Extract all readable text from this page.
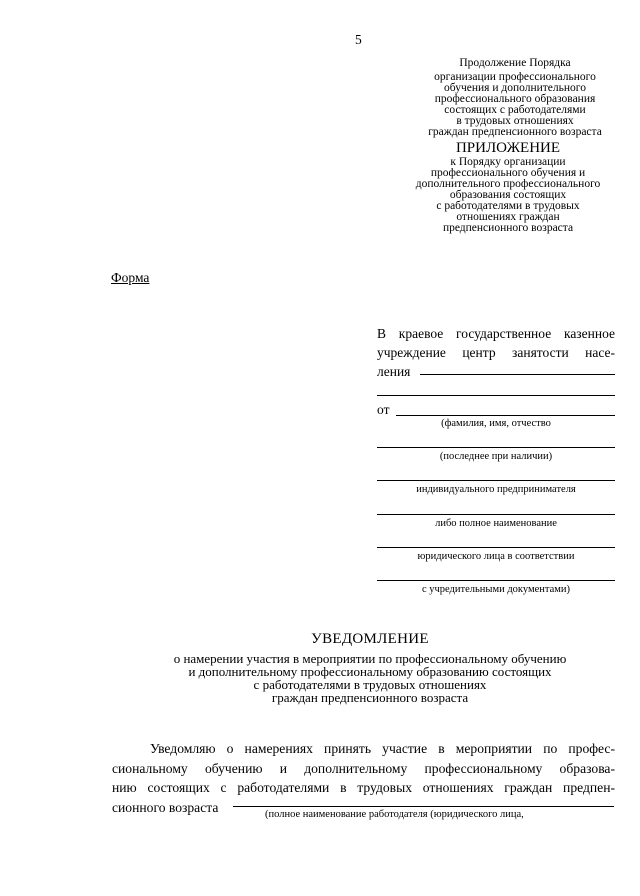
5
Продолжение Порядка
организации профессионального
обучения и дополнительного
профессионального образования
состоящих с работодателями
в трудовых отношениях
граждан предпенсионного возраста
ПРИЛОЖЕНИЕ
к Порядку организации
профессионального обучения и
дополнительного профессионального
образования состоящих
с работодателями в трудовых
отношениях граждан
предпенсионного возраста
Форма
В краевое государственное казенное
учреждение центр занятости насе-
ления
от
(фамилия, имя, отчество
(последнее при наличии)
индивидуального предпринимателя
либо полное наименование
юридического лица в соответствии
с учредительными документами)
УВЕДОМЛЕНИЕ
о намерении участия в мероприятии по профессиональному обучению
и дополнительному профессиональному образованию состоящих
с работодателями в трудовых отношениях
граждан предпенсионного возраста
Уведомляю о намерениях принять участие в мероприятии по профес-
сиональному обучению и дополнительному профессиональному образова-
нию состоящих с работодателями в трудовых отношениях граждан предпен-
сионного возраста	(полное наименование работодателя (юридического лица,
